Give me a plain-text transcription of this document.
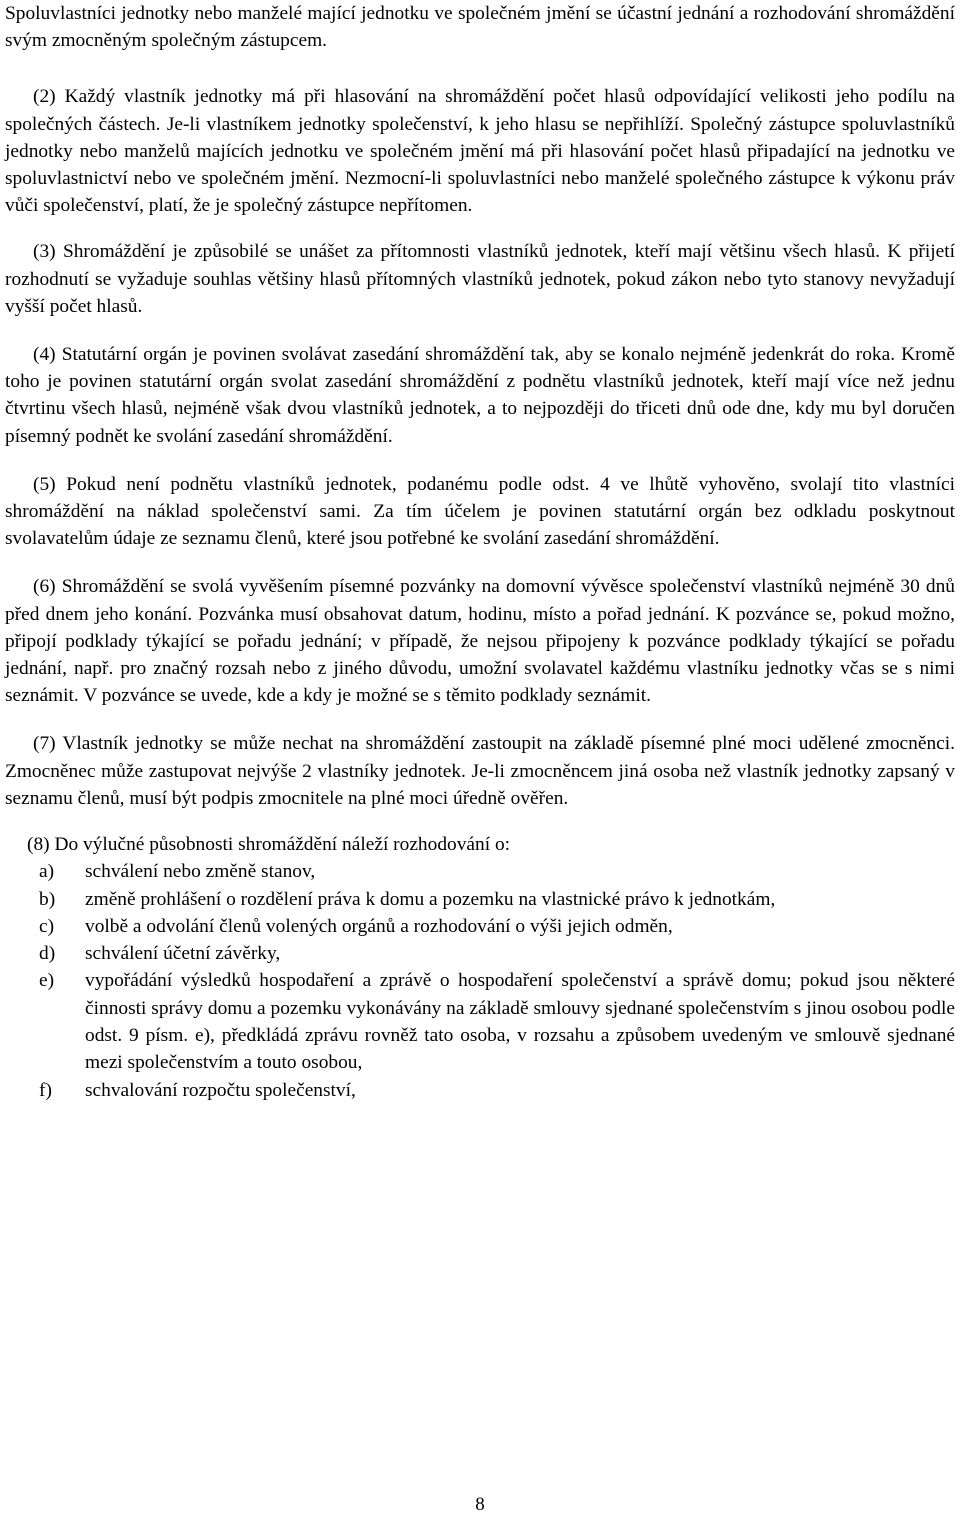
Spoluvlastníci jednotky nebo manželé mající jednotku ve společném jmění se účastní jednání a rozhodování shromáždění svým zmocněným společným zástupcem.

(2) Každý vlastník jednotky má při hlasování na shromáždění počet hlasů odpovídající velikosti jeho podílu na společných částech. Je-li vlastníkem jednotky společenství, k jeho hlasu se nepřihlíží. Společný zástupce spoluvlastníků jednotky nebo manželů majících jednotku ve společném jmění má při hlasování počet hlasů připadající na jednotku ve spoluvlastnictví nebo ve společném jmění. Nezmocní-li spoluvlastníci nebo manželé společného zástupce k výkonu práv vůči společenství, platí, že je společný zástupce nepřítomen.

(3) Shromáždění je způsobilé se unášet za přítomnosti vlastníků jednotek, kteří mají většinu všech hlasů. K přijetí rozhodnutí se vyžaduje souhlas většiny hlasů přítomných vlastníků jednotek, pokud zákon nebo tyto stanovy nevyžadují vyšší počet hlasů.

(4) Statutární orgán je povinen svolávat zasedání shromáždění tak, aby se konalo nejméně jedenkrát do roka. Kromě toho je povinen statutární orgán svolat zasedání shromáždění z podnětu vlastníků jednotek, kteří mají více než jednu čtvrtinu všech hlasů, nejméně však dvou vlastníků jednotek, a to nejpozději do třiceti dnů ode dne, kdy mu byl doručen písemný podnět ke svolání zasedání shromáždění.

(5) Pokud není podnětu vlastníků jednotek, podanému podle odst. 4 ve lhůtě vyhověno, svolají tito vlastníci shromáždění na náklad společenství sami. Za tím účelem je povinen statutární orgán bez odkladu poskytnout svolavatelům údaje ze seznamu členů, které jsou potřebné ke svolání zasedání shromáždění.

(6) Shromáždění se svolá vyvěšením písemné pozvánky na domovní vývěsce společenství vlastníků nejméně 30 dnů před dnem jeho konání. Pozvánka musí obsahovat datum, hodinu, místo a pořad jednání. K pozvánce se, pokud možno, připojí podklady týkající se pořadu jednání; v případě, že nejsou připojeny k pozvánce podklady týkající se pořadu jednání, např. pro značný rozsah nebo z jiného důvodu, umožní svolavatel každému vlastníku jednotky včas se s nimi seznámit. V pozvánce se uvede, kde a kdy je možné se s těmito podklady seznámit.

(7) Vlastník jednotky se může nechat na shromáždění zastoupit na základě písemné plné moci udělené zmocněnci. Zmocněnec může zastupovat nejvýše 2 vlastníky jednotek. Je-li zmocněncem jiná osoba než vlastník jednotky zapsaný v seznamu členů, musí být podpis zmocnitele na plné moci úředně ověřen.

(8) Do výlučné působnosti shromáždění náleží rozhodování o:

a)	schválení nebo změně stanov,
b)	změně prohlášení o rozdělení práva k domu a pozemku na vlastnické právo k jednotkám,
c)	volbě a odvolání členů volených orgánů a rozhodování o výši jejich odměn,
d)	schválení účetní závěrky,
e)	vypořádání výsledků hospodaření a zprávě o hospodaření společenství a správě domu; pokud jsou některé činnosti správy domu a pozemku vykonávány na základě smlouvy sjednané společenstvím s jinou osobou podle odst. 9 písm. e), předkládá zprávu rovněž tato osoba, v rozsahu a způsobem uvedeným ve smlouvě sjednané mezi společenstvím a touto osobou,
f)	schvalování rozpočtu společenství,
8
